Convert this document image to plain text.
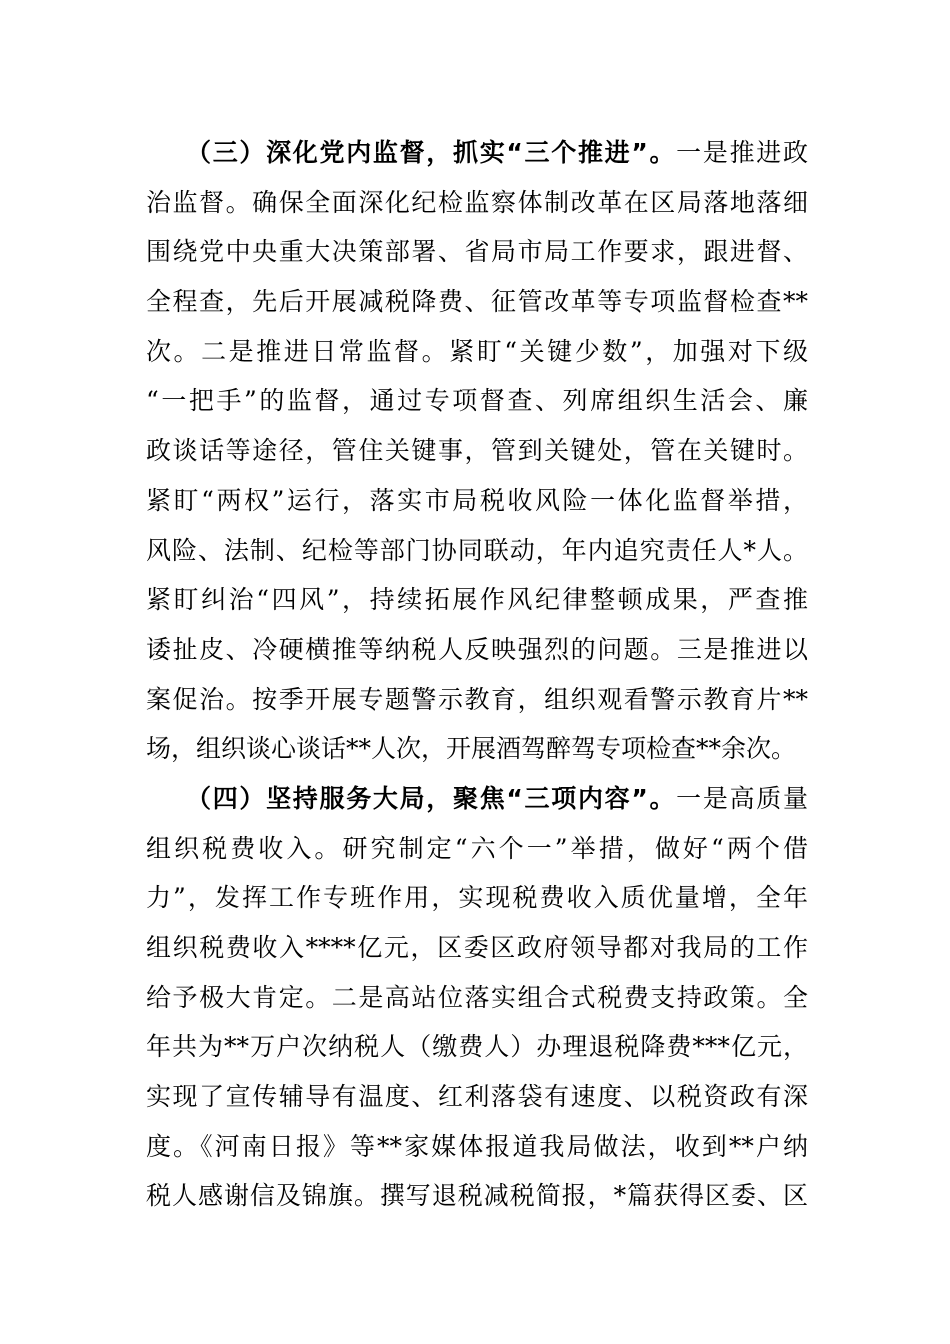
（三）深化党内监督，抓实“三个推进”。一是推进政
治监督。确保全面深化纪检监察体制改革在区局落地落细
围绕党中央重大决策部署、省局市局工作要求，跟进督、
全程查，先后开展减税降费、征管改革等专项监督检查**
次。二是推进日常监督。紧盯“关键少数”，加强对下级
“一把手”的监督，通过专项督查、列席组织生活会、廉
政谈话等途径，管住关键事，管到关键处，管在关键时。
紧盯“两权”运行，落实市局税收风险一体化监督举措，
风险、法制、纪检等部门协同联动，年内追究责任人*人。
紧盯纠治“四风”，持续拓展作风纪律整顿成果，严查推
诿扯皮、冷硬横推等纳税人反映强烈的问题。三是推进以
案促治。按季开展专题警示教育，组织观看警示教育片**
场，组织谈心谈话**人次，开展酒驾醉驾专项检查**余次。
（四）坚持服务大局，聚焦“三项内容”。一是高质量
组织税费收入。研究制定“六个一”举措，做好“两个借
力”，发挥工作专班作用，实现税费收入质优量增，全年
组织税费收入****亿元，区委区政府领导都对我局的工作
给予极大肯定。二是高站位落实组合式税费支持政策。全
年共为**万户次纳税人（缴费人）办理退税降费***亿元，
实现了宣传辅导有温度、红利落袋有速度、以税资政有深
度。《河南日报》等**家媒体报道我局做法，收到**户纳
税人感谢信及锦旗。撰写退税减税简报，*篇获得区委、区
